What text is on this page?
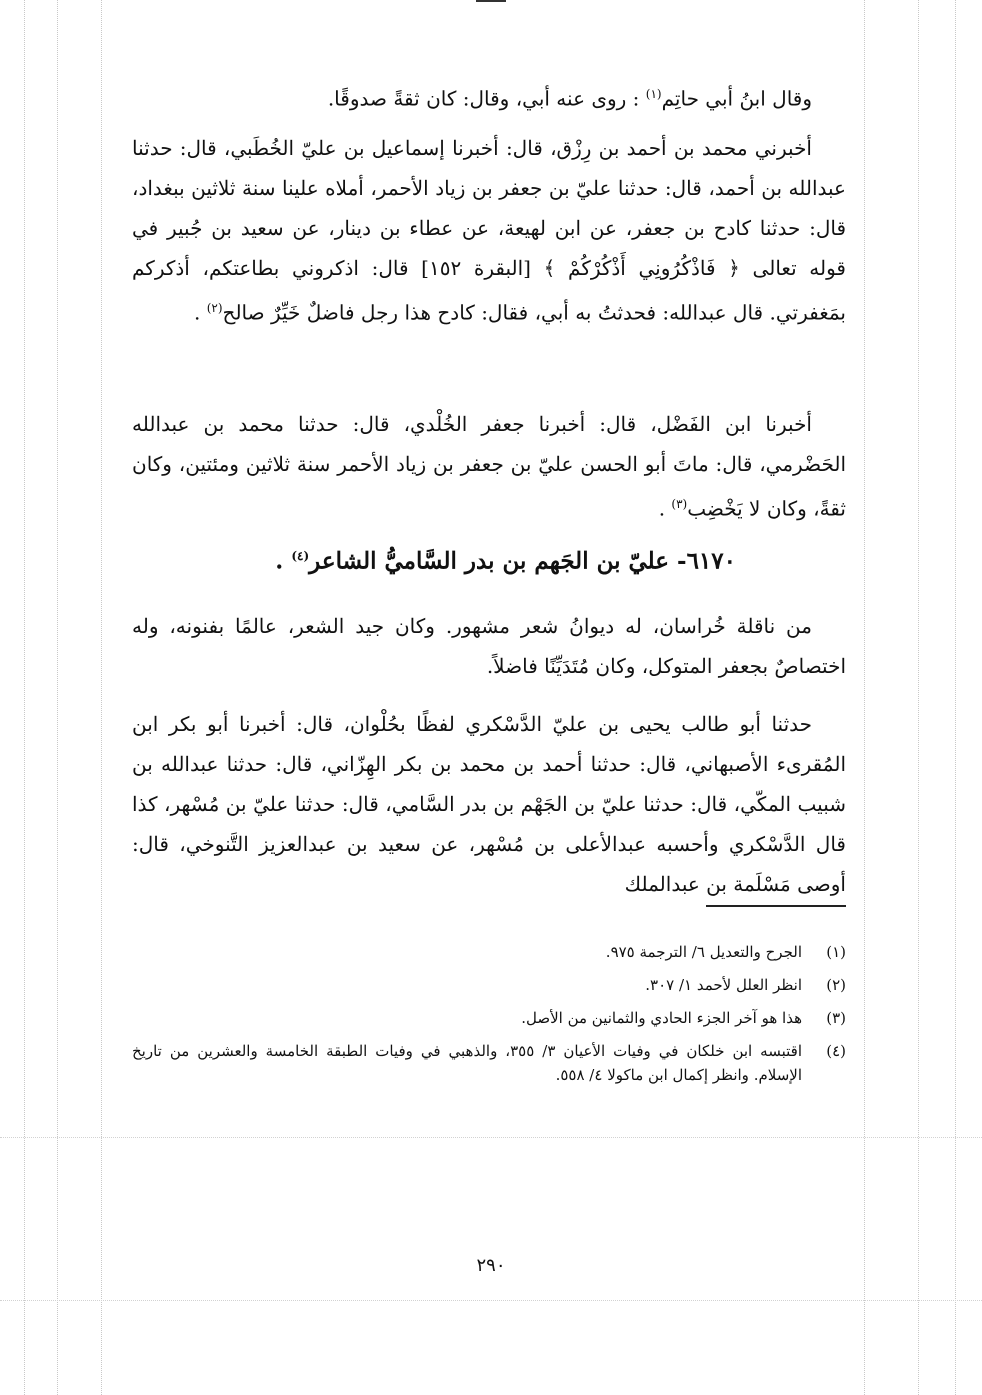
وقال ابنُ أبي حاتِم$^{(١)}$ : روى عنه أبي، وقال: كان ثقةً صدوقًا.

أخبرني محمد بن أحمد بن رِزْق، قال: أخبرنا إسماعيل بن عليّ الخُطَبي، قال: حدثنا عبدالله بن أحمد، قال: حدثنا عليّ بن جعفر بن زياد الأحمر، أملاه علينا سنة ثلاثين ببغداد، قال: حدثنا كادح بن جعفر، عن ابن لهيعة، عن عطاء بن دينار، عن سعيد بن جُبير في قوله تعالى ﴿ فَاذْكُرُونِي أَذْكُرْكُمْ ﴾ [البقرة ١٥٢] قال: اذكروني بطاعتكم، أذكركم بمَغفرتي. قال عبدالله: فحدثتُ به أبي، فقال: كادح هذا رجل فاضلٌ خَيِّرٌ صالح$^{(٢)}$ .

أخبرنا ابن الفَضْل، قال: أخبرنا جعفر الخُلْدي، قال: حدثنا محمد بن عبدالله الحَضْرمي، قال: ماتَ أبو الحسن عليّ بن جعفر بن زياد الأحمر سنة ثلاثين ومئتين، وكان ثقةً، وكان لا يَخْضِب$^{(٣)}$ .

٦١٧٠- عليّ بن الجَهم بن بدر السَّاميُّ الشاعر$^{(٤)}$ .

من ناقلة خُراسان، له ديوانُ شعر مشهور. وكان جيد الشعر، عالمًا بفنونه، وله اختصاصٌ بجعفر المتوكل، وكان مُتَدَيِّنًا فاضلاً.

حدثنا أبو طالب يحيى بن عليّ الدَّسْكري لفظًا بحُلْوان، قال: أخبرنا أبو بكر ابن المُقرىء الأصبهاني، قال: حدثنا أحمد بن محمد بن بكر الهِزّاني، قال: حدثنا عبدالله بن شبيب المكّي، قال: حدثنا عليّ بن الجَهْم بن بدر السَّامي، قال: حدثنا عليّ بن مُسْهر، كذا قال الدَّسْكري وأحسبه عبدالأعلى بن مُسْهر، عن سعيد بن عبدالعزيز التَّنوخي، قال: أوصى مَسْلَمة بن عبدالملك

(١)
الجرح والتعديل ٦/ الترجمة ٩٧٥.
(٢)
انظر العلل لأحمد ١/ ٣٠٧.
(٣)
هذا هو آخر الجزء الحادي والثمانين من الأصل.
(٤)
اقتبسه ابن خلكان في وفيات الأعيان ٣/ ٣٥٥، والذهبي في وفيات الطبقة الخامسة والعشرين من تاريخ الإسلام. وانظر إكمال ابن ماكولا ٤/ ٥٥٨.
٢٩٠
